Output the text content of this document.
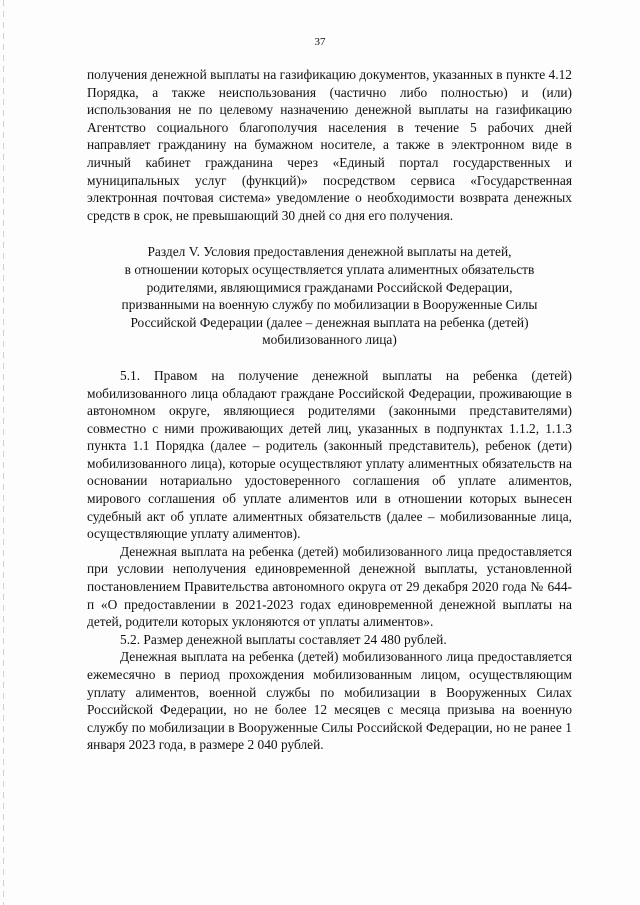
37

получения денежной выплаты на газификацию документов, указанных в пункте 4.12 Порядка, а также неиспользования (частично либо полностью) и (или) использования не по целевому назначению денежной выплаты на газификацию Агентство социального благополучия населения в течение 5 рабочих дней направляет гражданину на бумажном носителе, а также в электронном виде в личный кабинет гражданина через «Единый портал государственных и муниципальных услуг (функций)» посредством сервиса «Государственная электронная почтовая система» уведомление о необходимости возврата денежных средств в срок, не превышающий 30 дней со дня его получения.

Раздел V. Условия предоставления денежной выплаты на детей,
в отношении которых осуществляется уплата алиментных обязательств
родителями, являющимися гражданами Российской Федерации,
призванными на военную службу по мобилизации в Вооруженные Силы
Российской Федерации (далее – денежная выплата на ребенка (детей)
мобилизованного лица)

5.1. Правом на получение денежной выплаты на ребенка (детей) мобилизованного лица обладают граждане Российской Федерации, проживающие в автономном округе, являющиеся родителями (законными представителями) совместно с ними проживающих детей лиц, указанных в подпунктах 1.1.2, 1.1.3 пункта 1.1 Порядка (далее – родитель (законный представитель), ребенок (дети) мобилизованного лица), которые осуществляют уплату алиментных обязательств на основании нотариально удостоверенного соглашения об уплате алиментов, мирового соглашения об уплате алиментов или в отношении которых вынесен судебный акт об уплате алиментных обязательств (далее – мобилизованные лица, осуществляющие уплату алиментов).

Денежная выплата на ребенка (детей) мобилизованного лица предоставляется при условии неполучения единовременной денежной выплаты, установленной постановлением Правительства автономного округа от 29 декабря 2020 года № 644-п «О предоставлении в 2021-2023 годах единовременной денежной выплаты на детей, родители которых уклоняются от уплаты алиментов».

5.2. Размер денежной выплаты составляет 24 480 рублей.

Денежная выплата на ребенка (детей) мобилизованного лица предоставляется ежемесячно в период прохождения мобилизованным лицом, осуществляющим уплату алиментов, военной службы по мобилизации в Вооруженных Силах Российской Федерации, но не более 12 месяцев с месяца призыва на военную службу по мобилизации в Вооруженные Силы Российской Федерации, но не ранее 1 января 2023 года, в размере 2 040 рублей.
